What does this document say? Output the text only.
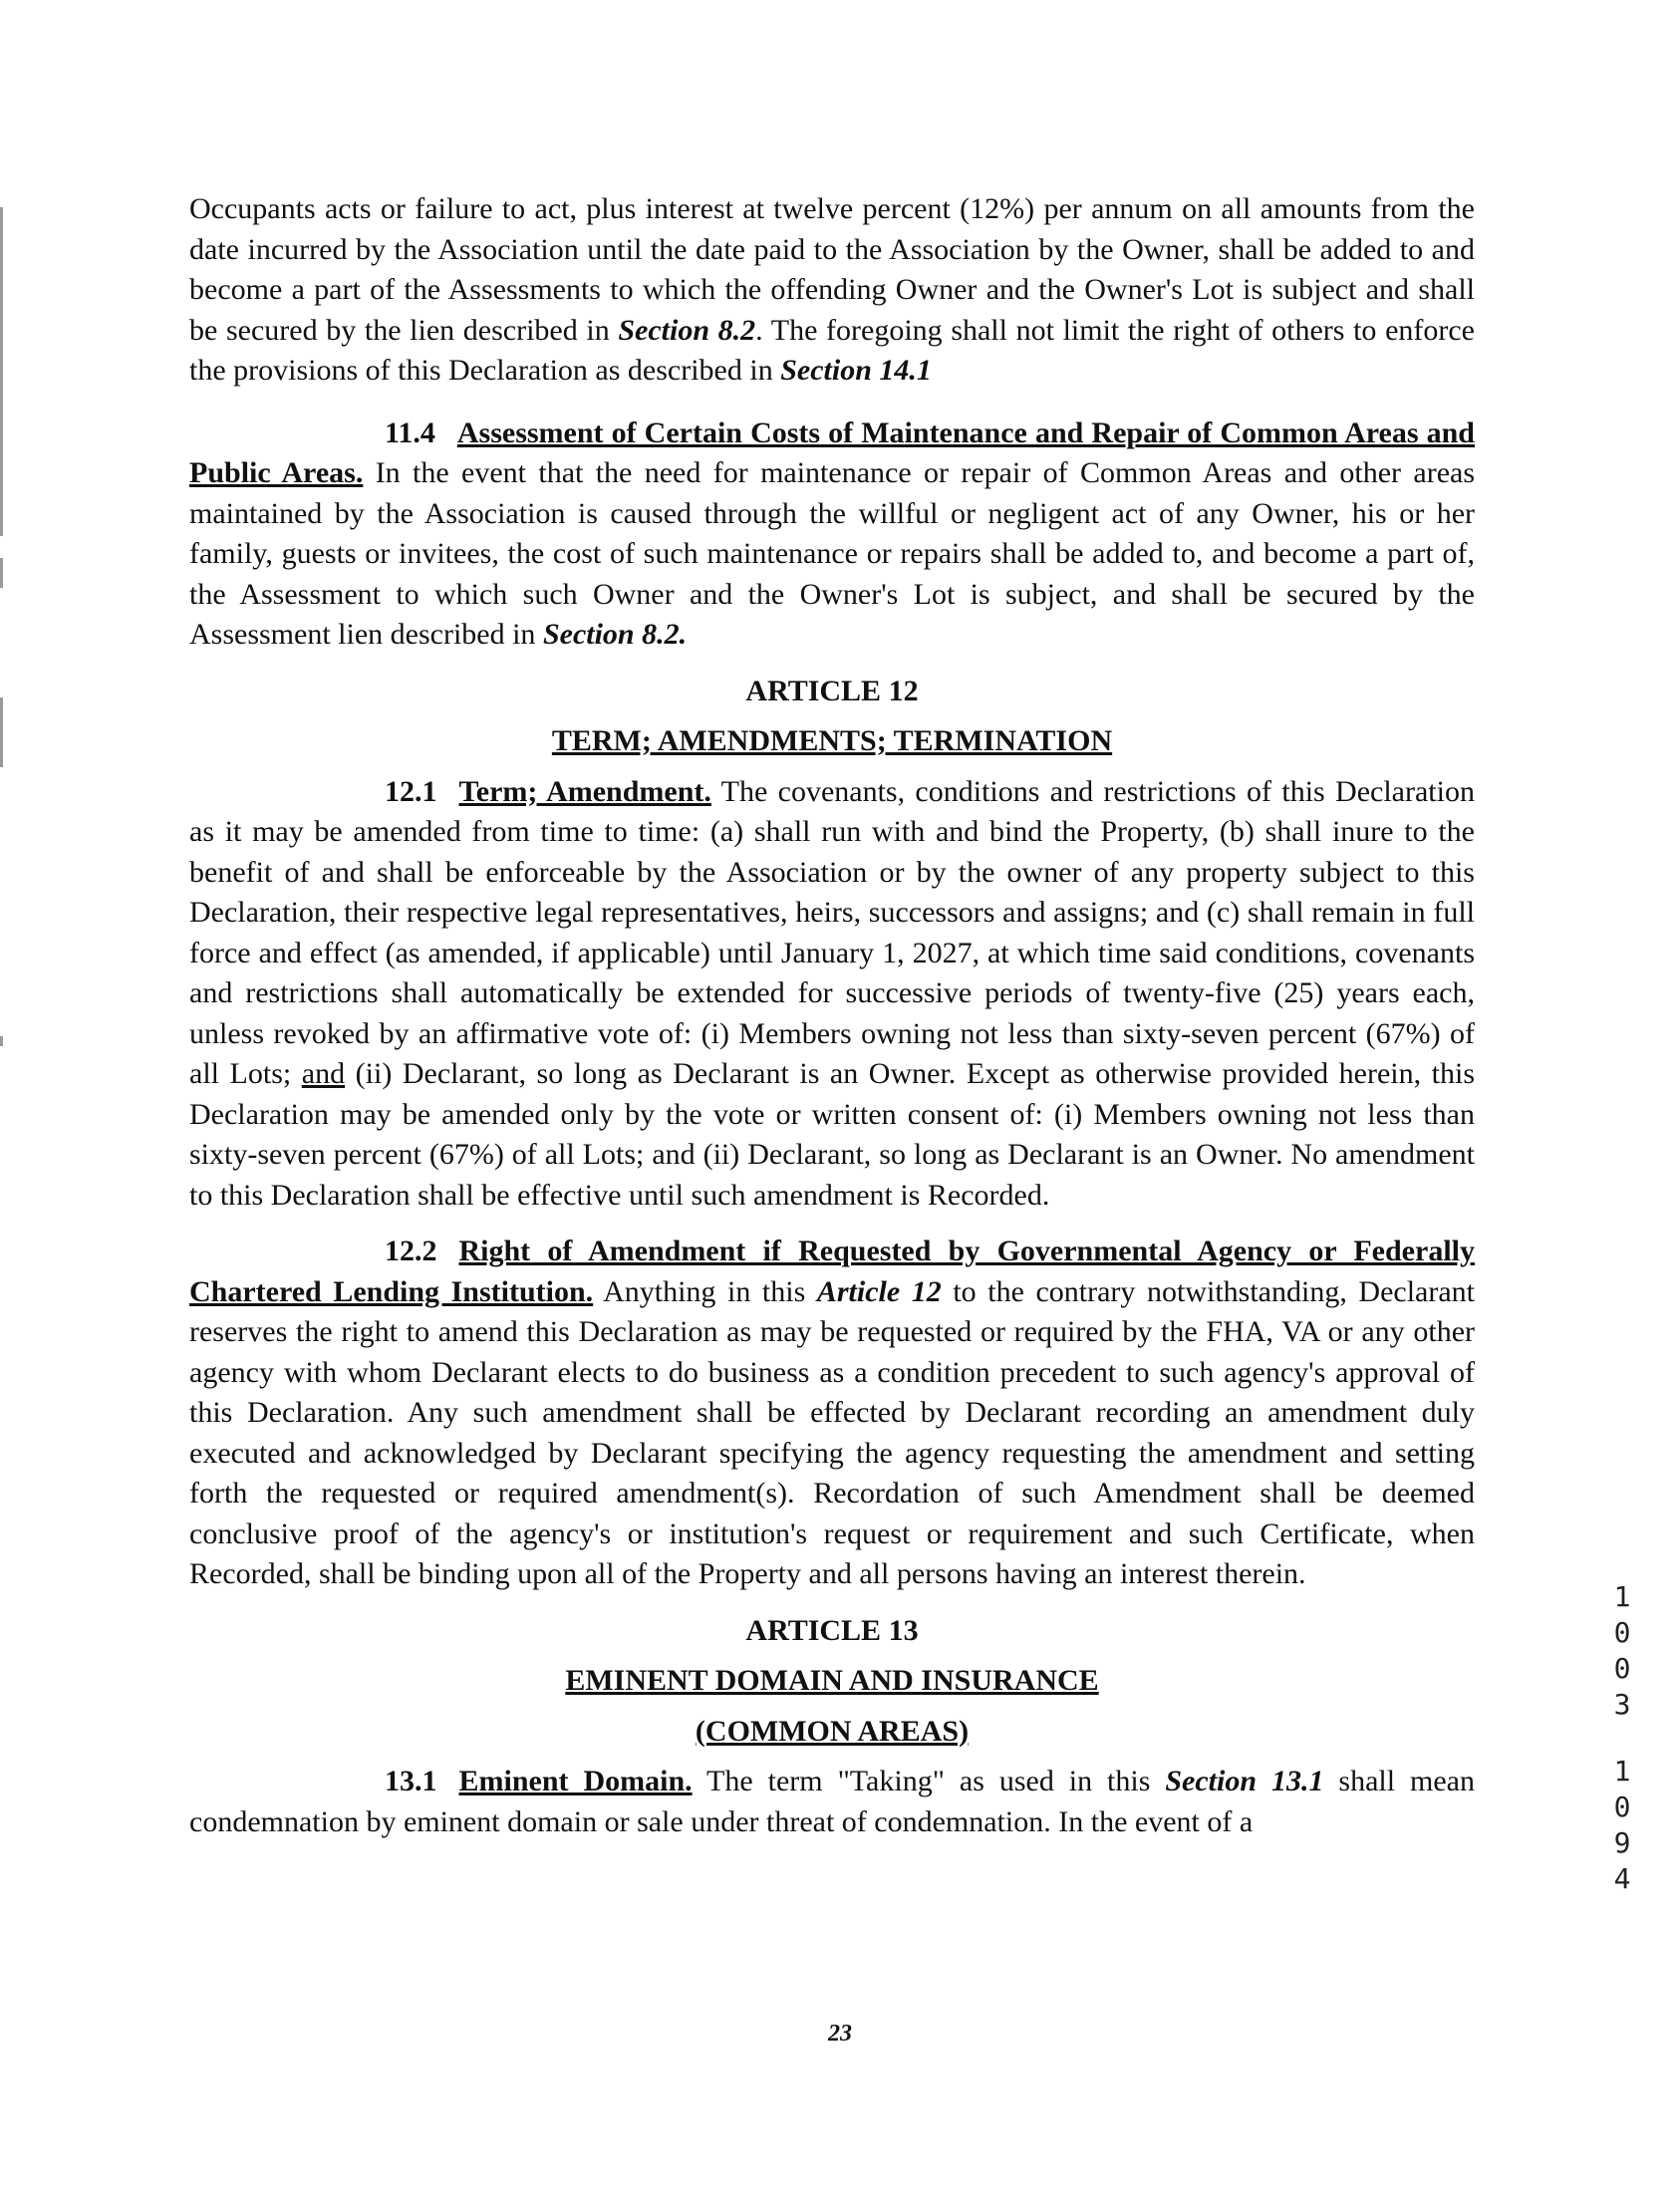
Occupants acts or failure to act, plus interest at twelve percent (12%) per annum on all amounts from the date incurred by the Association until the date paid to the Association by the Owner, shall be added to and become a part of the Assessments to which the offending Owner and the Owner's Lot is subject and shall be secured by the lien described in Section 8.2. The foregoing shall not limit the right of others to enforce the provisions of this Declaration as described in Section 14.1

11.4 Assessment of Certain Costs of Maintenance and Repair of Common Areas and Public Areas. In the event that the need for maintenance or repair of Common Areas and other areas maintained by the Association is caused through the willful or negligent act of any Owner, his or her family, guests or invitees, the cost of such maintenance or repairs shall be added to, and become a part of, the Assessment to which such Owner and the Owner's Lot is subject, and shall be secured by the Assessment lien described in Section 8.2.

ARTICLE 12
TERM; AMENDMENTS; TERMINATION

12.1 Term; Amendment. The covenants, conditions and restrictions of this Declaration as it may be amended from time to time: (a) shall run with and bind the Property, (b) shall inure to the benefit of and shall be enforceable by the Association or by the owner of any property subject to this Declaration, their respective legal representatives, heirs, successors and assigns; and (c) shall remain in full force and effect (as amended, if applicable) until January 1, 2027, at which time said conditions, covenants and restrictions shall automatically be extended for successive periods of twenty-five (25) years each, unless revoked by an affirmative vote of: (i) Members owning not less than sixty-seven percent (67%) of all Lots; and (ii) Declarant, so long as Declarant is an Owner. Except as otherwise provided herein, this Declaration may be amended only by the vote or written consent of: (i) Members owning not less than sixty-seven percent (67%) of all Lots; and (ii) Declarant, so long as Declarant is an Owner. No amendment to this Declaration shall be effective until such amendment is Recorded.

12.2 Right of Amendment if Requested by Governmental Agency or Federally Chartered Lending Institution. Anything in this Article 12 to the contrary notwithstanding, Declarant reserves the right to amend this Declaration as may be requested or required by the FHA, VA or any other agency with whom Declarant elects to do business as a condition precedent to such agency's approval of this Declaration. Any such amendment shall be effected by Declarant recording an amendment duly executed and acknowledged by Declarant specifying the agency requesting the amendment and setting forth the requested or required amendment(s). Recordation of such Amendment shall be deemed conclusive proof of the agency's or institution's request or requirement and such Certificate, when Recorded, shall be binding upon all of the Property and all persons having an interest therein.

ARTICLE 13
EMINENT DOMAIN AND INSURANCE
(COMMON AREAS)

13.1 Eminent Domain. The term "Taking" as used in this Section 13.1 shall mean condemnation by eminent domain or sale under threat of condemnation. In the event of a

23
1
0
0
3
1
0
9
4
